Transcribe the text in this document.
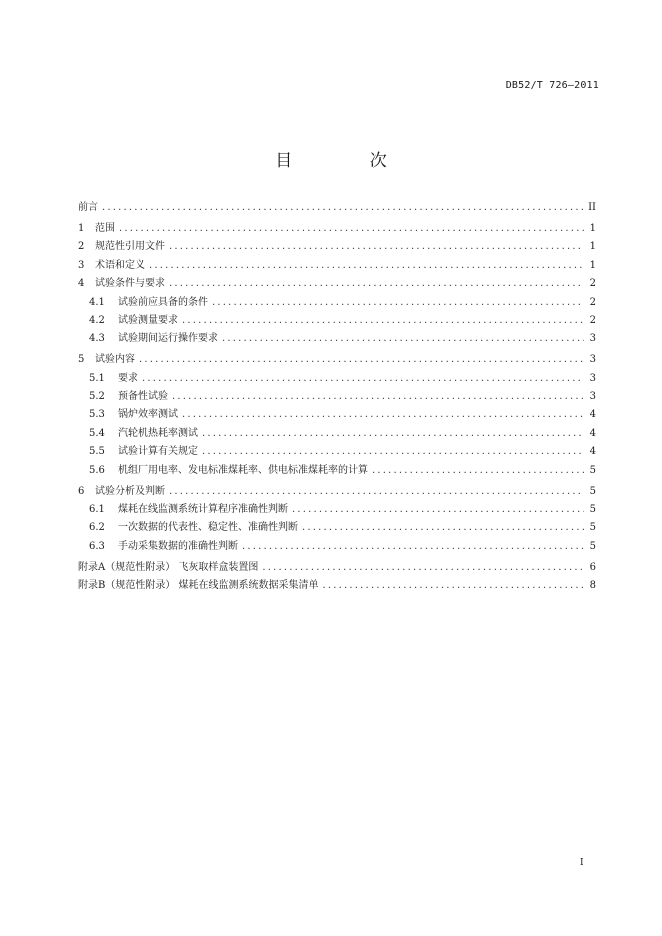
DB52/T 726—2011
目 次
前言 .....	II
1	范围 .....	1
2	规范性引用文件 .....	1
3	术语和定义 .....	1
4	试验条件与要求 .....	2
4.1	试验前应具备的条件 .....	2
4.2	试验测量要求 .....	2
4.3	试验期间运行操作要求 .....	3
5	试验内容 .....	3
5.1	要求 .....	3
5.2	预备性试验 .....	3
5.3	锅炉效率测试 .....	4
5.4	汽轮机热耗率测试 .....	4
5.5	试验计算有关规定 .....	4
5.6	机组厂用电率、发电标准煤耗率、供电标准煤耗率的计算 .....	5
6	试验分析及判断 .....	5
6.1	煤耗在线监测系统计算程序准确性判断 .....	5
6.2	一次数据的代表性、稳定性、准确性判断 .....	5
6.3	手动采集数据的准确性判断 .....	5
附录A（规范性附录） 飞灰取样盒装置图 .....	6
附录B（规范性附录） 煤耗在线监测系统数据采集清单 .....	8
I
